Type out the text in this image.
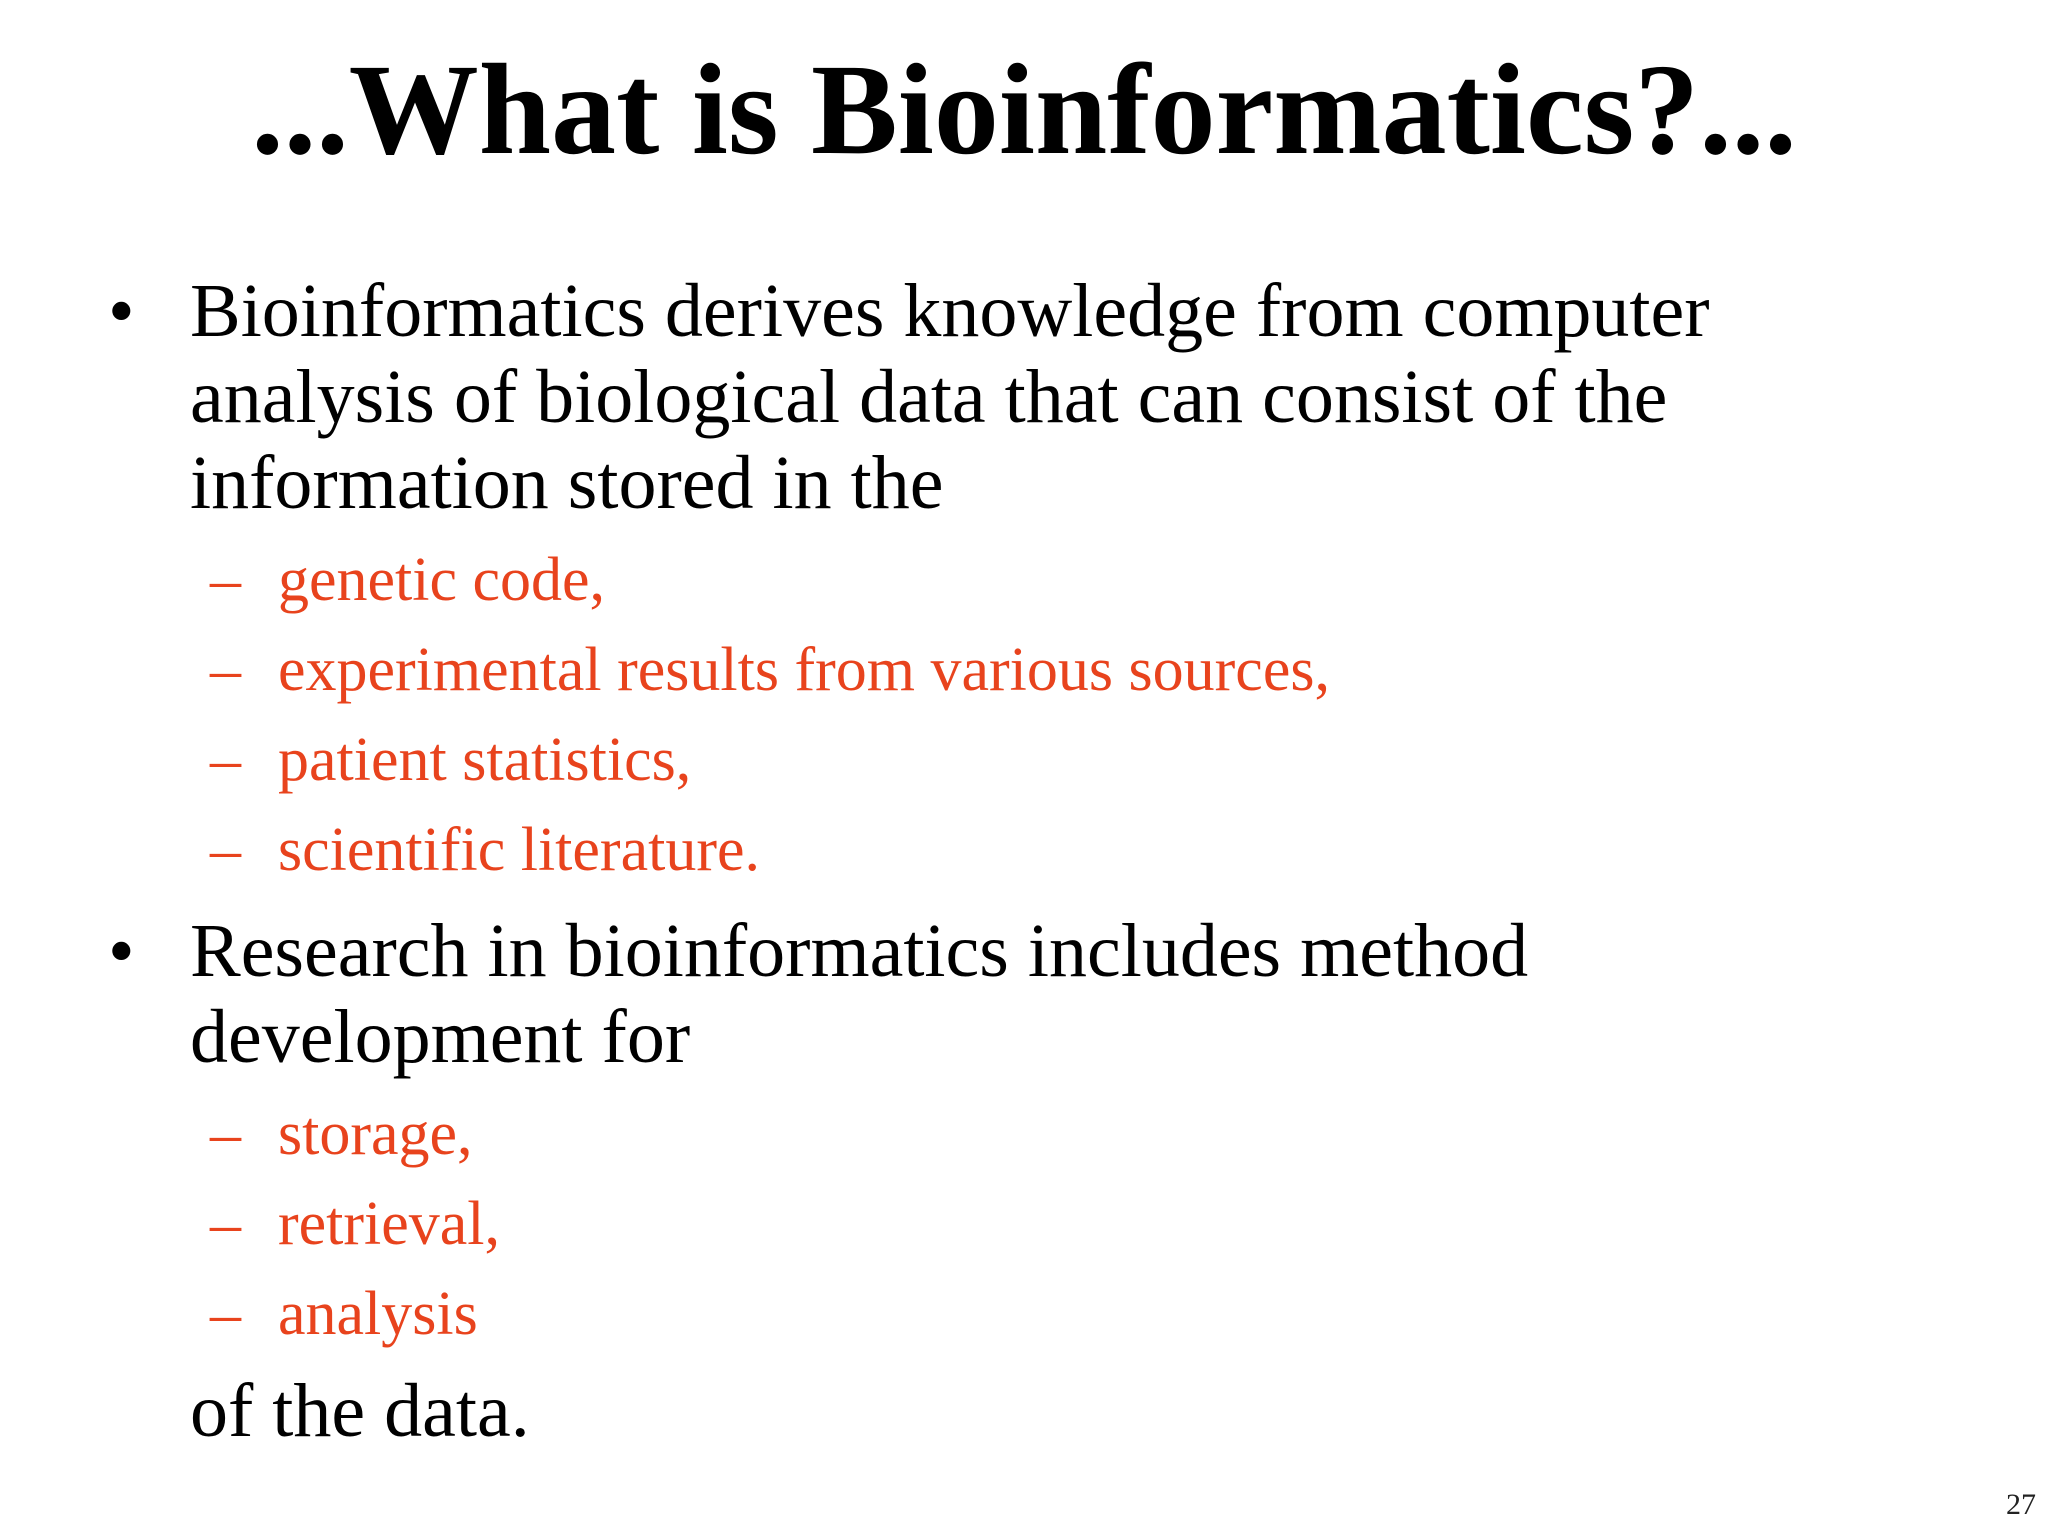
...What is Bioinformatics?...
• Bioinformatics derives knowledge from computer
analysis of biological data that can consist of the
information stored in the
– genetic code,
– experimental results from various sources,
– patient statistics,
– scientific literature.
• Research in bioinformatics includes method
development for
– storage,
– retrieval,
– analysis
of the data.
27
